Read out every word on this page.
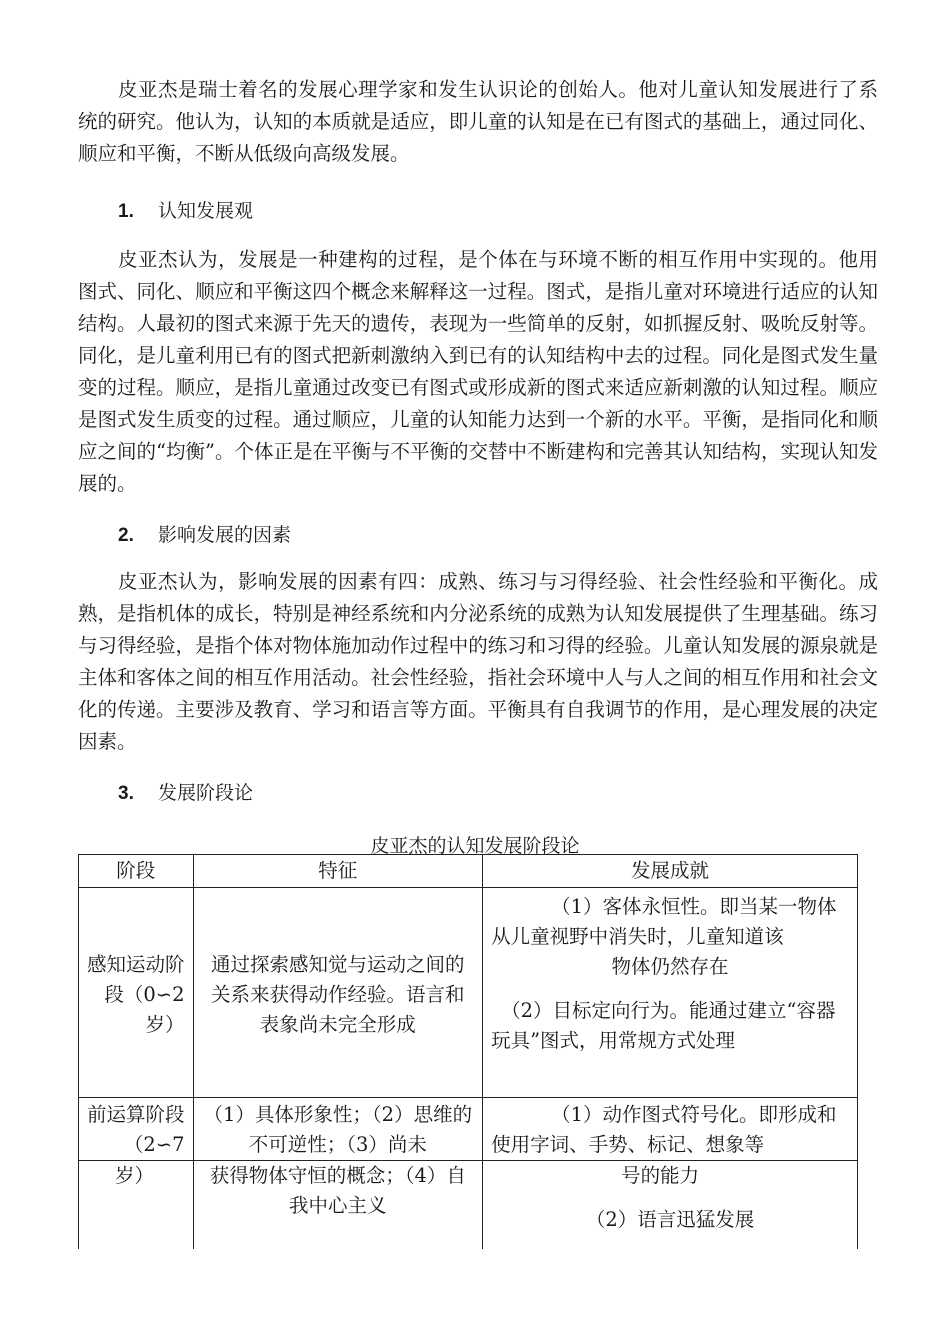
皮亚杰是瑞士着名的发展心理学家和发生认识论的创始人。他对儿童认知发展进行了系统的研究。他认为，认知的本质就是适应，即儿童的认知是在已有图式的基础上，通过同化、顺应和平衡，不断从低级向高级发展。

1. 认知发展观

皮亚杰认为，发展是一种建构的过程，是个体在与环境不断的相互作用中实现的。他用图式、同化、顺应和平衡这四个概念来解释这一过程。图式，是指儿童对环境进行适应的认知结构。人最初的图式来源于先天的遗传，表现为一些简单的反射，如抓握反射、吸吮反射等。同化，是儿童利用已有的图式把新刺激纳入到已有的认知结构中去的过程。同化是图式发生量变的过程。顺应，是指儿童通过改变已有图式或形成新的图式来适应新刺激的认知过程。顺应是图式发生质变的过程。通过顺应，儿童的认知能力达到一个新的水平。平衡，是指同化和顺应之间的“均衡”。个体正是在平衡与不平衡的交替中不断建构和完善其认知结构，实现认知发展的。

2. 影响发展的因素

皮亚杰认为，影响发展的因素有四：成熟、练习与习得经验、社会性经验和平衡化。成熟，是指机体的成长，特别是神经系统和内分泌系统的成熟为认知发展提供了生理基础。练习与习得经验，是指个体对物体施加动作过程中的练习和习得的经验。儿童认知发展的源泉就是主体和客体之间的相互作用活动。社会性经验，指社会环境中人与人之间的相互作用和社会文化的传递。主要涉及教育、学习和语言等方面。平衡具有自我调节的作用，是心理发展的决定因素。

3. 发展阶段论

皮亚杰的认知发展阶段论

阶段	特征	发展成就
感知运动阶段（0∽2岁）	通过探索感知觉与运动之间的关系来获得动作经验。语言和表象尚未完全形成	（1）客体永恒性。即当某一物体从儿童视野中消失时，儿童知道该
物体仍然存在
（2）目标定向行为。能通过建立“容器玩具”图式，用常规方式处理

前运算阶段（2∽7	（1）具体形象性；（2）思维的不可逆性；（3）尚未	（1）动作图式符号化。即形成和使用字词、手势、标记、想象等
岁）	获得物体守恒的概念；（4）自我中心主义	号的能力
（2）语言迅猛发展
